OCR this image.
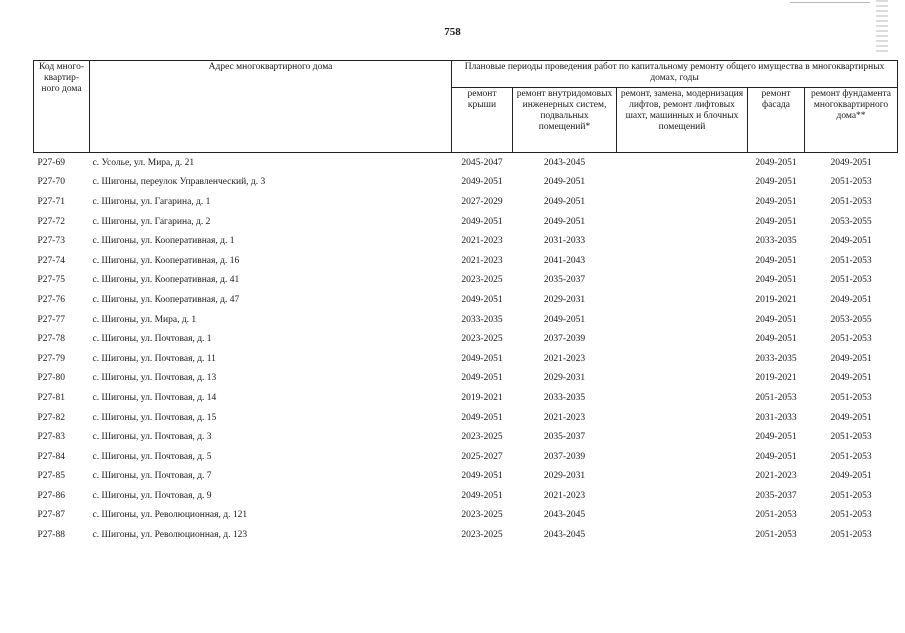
758
Код много-квартир-ного дома	Адрес многоквартирного дома	Плановые периоды проведения работ по капитальному ремонту общего имущества в многоквартирных домах, годы				
		ремонт крыши	ремонт внутридомовых инженерных систем, подвальных помещений*	ремонт, замена, модернизация лифтов, ремонт лифтовых шахт, машинных и блочных помещений	ремонт фасада	ремонт фундамента многоквартирного дома**
Р27-69	с. Усолье, ул. Мира, д. 21	2045-2047	2043-2045		2049-2051	2049-2051
Р27-70	с. Шигоны, переулок Управленческий, д. 3	2049-2051	2049-2051		2049-2051	2051-2053
Р27-71	с. Шигоны, ул. Гагарина, д. 1	2027-2029	2049-2051		2049-2051	2051-2053
Р27-72	с. Шигоны, ул. Гагарина, д. 2	2049-2051	2049-2051		2049-2051	2053-2055
Р27-73	с. Шигоны, ул. Кооперативная, д. 1	2021-2023	2031-2033		2033-2035	2049-2051
Р27-74	с. Шигоны, ул. Кооперативная, д. 16	2021-2023	2041-2043		2049-2051	2051-2053
Р27-75	с. Шигоны, ул. Кооперативная, д. 41	2023-2025	2035-2037		2049-2051	2051-2053
Р27-76	с. Шигоны, ул. Кооперативная, д. 47	2049-2051	2029-2031		2019-2021	2049-2051
Р27-77	с. Шигоны, ул. Мира, д. 1	2033-2035	2049-2051		2049-2051	2053-2055
Р27-78	с. Шигоны, ул. Почтовая, д. 1	2023-2025	2037-2039		2049-2051	2051-2053
Р27-79	с. Шигоны, ул. Почтовая, д. 11	2049-2051	2021-2023		2033-2035	2049-2051
Р27-80	с. Шигоны, ул. Почтовая, д. 13	2049-2051	2029-2031		2019-2021	2049-2051
Р27-81	с. Шигоны, ул. Почтовая, д. 14	2019-2021	2033-2035		2051-2053	2051-2053
Р27-82	с. Шигоны, ул. Почтовая, д. 15	2049-2051	2021-2023		2031-2033	2049-2051
Р27-83	с. Шигоны, ул. Почтовая, д. 3	2023-2025	2035-2037		2049-2051	2051-2053
Р27-84	с. Шигоны, ул. Почтовая, д. 5	2025-2027	2037-2039		2049-2051	2051-2053
Р27-85	с. Шигоны, ул. Почтовая, д. 7	2049-2051	2029-2031		2021-2023	2049-2051
Р27-86	с. Шигоны, ул. Почтовая, д. 9	2049-2051	2021-2023		2035-2037	2051-2053
Р27-87	с. Шигоны, ул. Революционная, д. 121	2023-2025	2043-2045		2051-2053	2051-2053
Р27-88	с. Шигоны, ул. Революционная, д. 123	2023-2025	2043-2045		2051-2053	2051-2053
